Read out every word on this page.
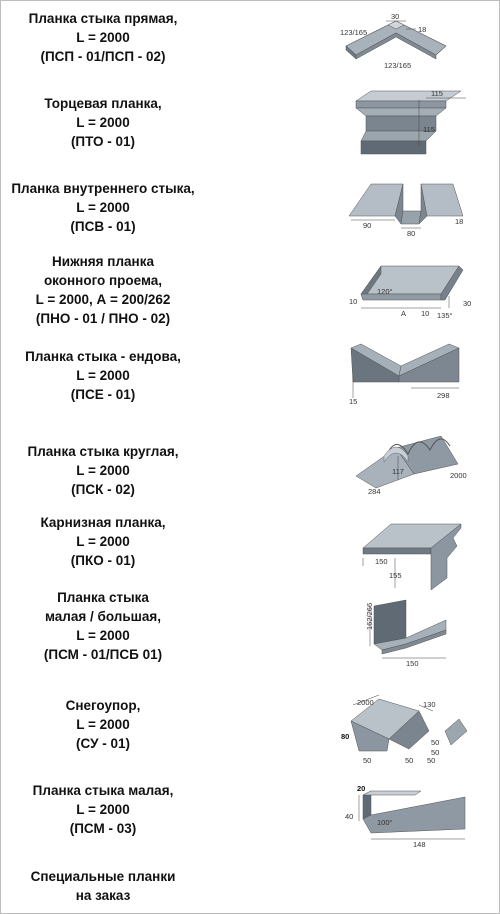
Планка стыка прямая,
L = 2000
(ПСП - 01/ПСП - 02)
123/165
30
18
123/165
Торцевая планка,
L = 2000
(ПТО - 01)
115
115
Планка внутреннего стыка,
L = 2000
(ПСВ - 01)	90
80
18
Нижняя планка
оконного проема,
L = 2000, А = 200/262
(ПНО - 01 / ПНО - 02)
120°
10
А 10 135°
30
Планка стыка - ендова,
L = 2000
(ПСЕ - 01)	15
298
Планка стыка круглая,
L = 2000
(ПСК - 02)
117	2000
284
Карнизная планка,
L = 2000
(ПКО - 01)	150
155
Планка стыка
малая / большая,
L = 2000
(ПСМ - 01/ПСБ 01)
162/266
150
Снегоупор,
L = 2000
(СУ - 01)
2000	130
80
50	50
50
50
50
Планка стыка малая,
L = 2000
(ПСМ - 03)
20
40
100°
148
Специальные планки
на заказ
